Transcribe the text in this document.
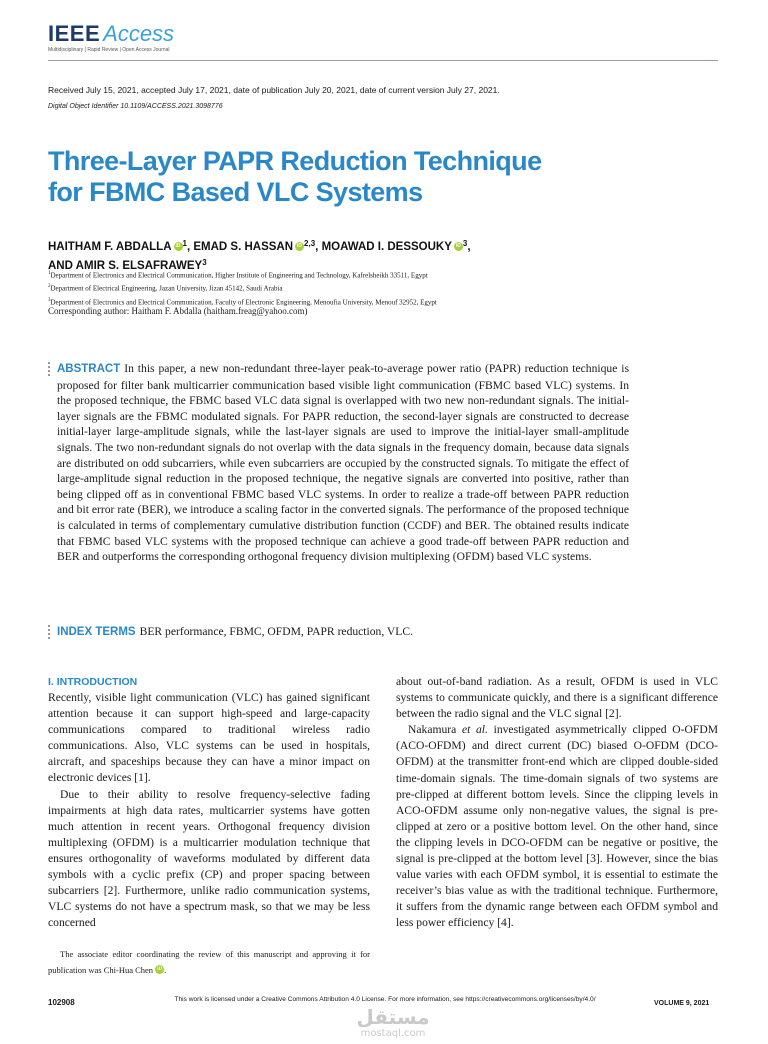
IEEE Access
Multidisciplinary | Rapid Review | Open Access Journal
Received July 15, 2021, accepted July 17, 2021, date of publication July 20, 2021, date of current version July 27, 2021.
Digital Object Identifier 10.1109/ACCESS.2021.3098776
Three-Layer PAPR Reduction Technique
for FBMC Based VLC Systems
HAITHAM F. ABDALLA iD $^1$, EMAD S. HASSAN iD $^{2,3}$, MOAWAD I. DESSOUKY iD $^3$,
AND AMIR S. ELSAFRAWEY$^3$
$^1$Department of Electronics and Electrical Communication, Higher Institute of Engineering and Technology, Kafrelsheikh 33511, Egypt
$^2$Department of Electrical Engineering, Jazan University, Jizan 45142, Saudi Arabia
$^3$Department of Electronics and Electrical Communication, Faculty of Electronic Engineering, Menoufia University, Menouf 32952, Egypt
Corresponding author: Haitham F. Abdalla (haitham.freag@yahoo.com)
ABSTRACT In this paper, a new non-redundant three-layer peak-to-average power ratio (PAPR) reduction technique is proposed for filter bank multicarrier communication based visible light communication (FBMC based VLC) systems. In the proposed technique, the FBMC based VLC data signal is overlapped with two new non-redundant signals. The initial-layer signals are the FBMC modulated signals. For PAPR reduction, the second-layer signals are constructed to decrease initial-layer large-amplitude signals, while the last-layer signals are used to improve the initial-layer small-amplitude signals. The two non-redundant signals do not overlap with the data signals in the frequency domain, because data signals are distributed on odd subcarriers, while even subcarriers are occupied by the constructed signals. To mitigate the effect of large-amplitude signal reduction in the proposed technique, the negative signals are converted into positive, rather than being clipped off as in conventional FBMC based VLC systems. In order to realize a trade-off between PAPR reduction and bit error rate (BER), we introduce a scaling factor in the converted signals. The performance of the proposed technique is calculated in terms of complementary cumulative distribution function (CCDF) and BER. The obtained results indicate that FBMC based VLC systems with the proposed technique can achieve a good trade-off between PAPR reduction and BER and outperforms the corresponding orthogonal frequency division multiplexing (OFDM) based VLC systems.
INDEX TERMS BER performance, FBMC, OFDM, PAPR reduction, VLC.
I. INTRODUCTION

Recently, visible light communication (VLC) has gained significant attention because it can support high-speed and large-capacity communications compared to traditional wireless radio communications. Also, VLC systems can be used in hospitals, aircraft, and spaceships because they can have a minor impact on electronic devices [1].

Due to their ability to resolve frequency-selective fading impairments at high data rates, multicarrier systems have gotten much attention in recent years. Orthogonal frequency division multiplexing (OFDM) is a multicarrier modulation technique that ensures orthogonality of waveforms modulated by different data symbols with a cyclic prefix (CP) and proper spacing between subcarriers [2]. Furthermore, unlike radio communication systems, VLC systems do not have a spectrum mask, so that we may be less concerned

about out-of-band radiation. As a result, OFDM is used in VLC systems to communicate quickly, and there is a significant difference between the radio signal and the VLC signal [2].

Nakamura et al. investigated asymmetrically clipped O-OFDM (ACO-OFDM) and direct current (DC) biased O-OFDM (DCO-OFDM) at the transmitter front-end which are clipped double-sided time-domain signals. The time-domain signals of two systems are pre-clipped at different bottom levels. Since the clipping levels in ACO-OFDM assume only non-negative values, the signal is pre-clipped at zero or a positive bottom level. On the other hand, since the clipping levels in DCO-OFDM can be negative or positive, the signal is pre-clipped at the bottom level [3]. However, since the bias value varies with each OFDM symbol, it is essential to estimate the receiver’s bias value as with the traditional technique. Furthermore, it suffers from the dynamic range between each OFDM symbol and less power efficiency [4].

The associate editor coordinating the review of this manuscript and approving it for publication was Chi-Hua Chen iD .
102908	This work is licensed under a Creative Commons Attribution 4.0 License. For more information, see https://creativecommons.org/licenses/by/4.0/
VOLUME 9, 2021
مستقل
mostaql.com
